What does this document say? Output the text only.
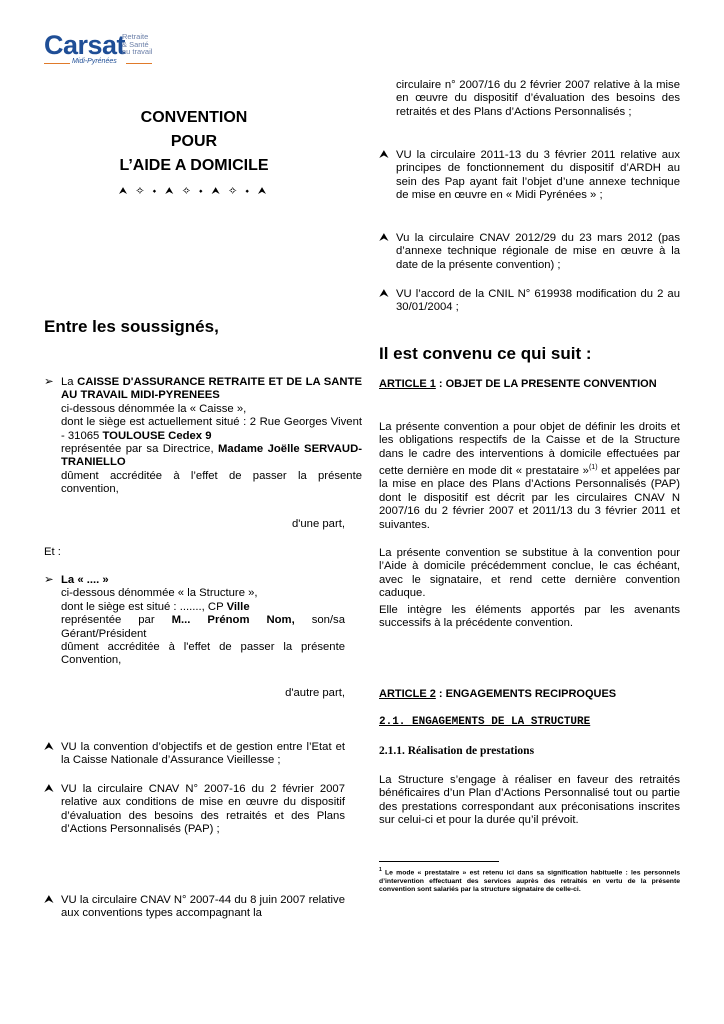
Carsat
Retraite
& Santé
au travail
Midi-Pyrénées
CONVENTION
POUR
L’AIDE A DOMICILE
⮝ ✧ ⬩ ⮝ ✧ ⬩ ⮝ ✧ ⬩ ⮝
Entre les soussignés,
➢ La CAISSE D'ASSURANCE RETRAITE ET DE LA SANTE AU TRAVAIL MIDI-PYRENEES
ci-dessous dénommée la « Caisse »,
dont le siège est actuellement situé : 2 Rue Georges Vivent - 31065 TOULOUSE Cedex 9
représentée par sa Directrice, Madame Joëlle SERVAUD-TRANIELLO
dûment accréditée à l’effet de passer la présente convention,
d'une part,
Et :
➢ La « .... »
ci-dessous dénommée « la Structure »,
dont le siège est situé : ......., CP Ville
représentée par M... Prénom Nom, son/sa Gérant/Président
dûment accréditée à l'effet de passer la présente Convention,
d'autre part,
⮝ VU la convention d’objectifs et de gestion entre l’Etat et la Caisse Nationale d’Assurance Vieillesse ;
⮝ VU la circulaire CNAV N° 2007-16 du 2 février 2007 relative aux conditions de mise en œuvre du dispositif d’évaluation des besoins des retraités et des Plans d’Actions Personnalisés (PAP) ;
⮝ VU la circulaire CNAV N° 2007-44 du 8 juin 2007 relative aux conventions types accompagnant la
circulaire n° 2007/16 du 2 février 2007 relative à la mise en œuvre du dispositif d’évaluation des besoins des retraités et des Plans d’Actions Personnalisés ;
⮝ VU la circulaire 2011-13 du 3 février 2011 relative aux principes de fonctionnement du dispositif d’ARDH au sein des Pap ayant fait l’objet d’une annexe technique de mise en œuvre en « Midi Pyrénées » ;
⮝ Vu la circulaire CNAV 2012/29 du 23 mars 2012 (pas d’annexe technique régionale de mise en œuvre à la date de la présente convention) ;
⮝ VU l’accord de la CNIL N° 619938 modification du 2 au 30/01/2004 ;
Il est convenu ce qui suit :
ARTICLE 1 : OBJET DE LA PRESENTE CONVENTION
La présente convention a pour objet de définir les droits et les obligations respectifs de la Caisse et de la Structure dans le cadre des interventions à domicile effectuées par cette dernière en mode dit « prestataire »$^{(1)}$ et appelées par la mise en place des Plans d’Actions Personnalisés (PAP) dont le dispositif est décrit par les circulaires CNAV N 2007/16 du 2 février 2007 et 2011/13 du 3 février 2011 et suivantes.
La présente convention se substitue à la convention pour l’Aide à domicile précédemment conclue, le cas échéant, avec le signataire, et rend cette dernière convention caduque.
Elle intègre les éléments apportés par les avenants successifs à la précédente convention.
ARTICLE 2 : ENGAGEMENTS RECIPROQUES
2.1. ENGAGEMENTS DE LA STRUCTURE
2.1.1. Réalisation de prestations
La Structure s’engage à réaliser en faveur des retraités bénéficaires d’un Plan d’Actions Personnalisé tout ou partie des prestations correspondant aux préconisations inscrites sur celui-ci et pour la durée qu’il prévoit.
$^1$ Le mode « prestataire » est retenu ici dans sa signification habituelle : les personnels d’intervention effectuant des services auprès des retraités en vertu de la présente convention sont salariés par la structure signataire de celle-ci.
